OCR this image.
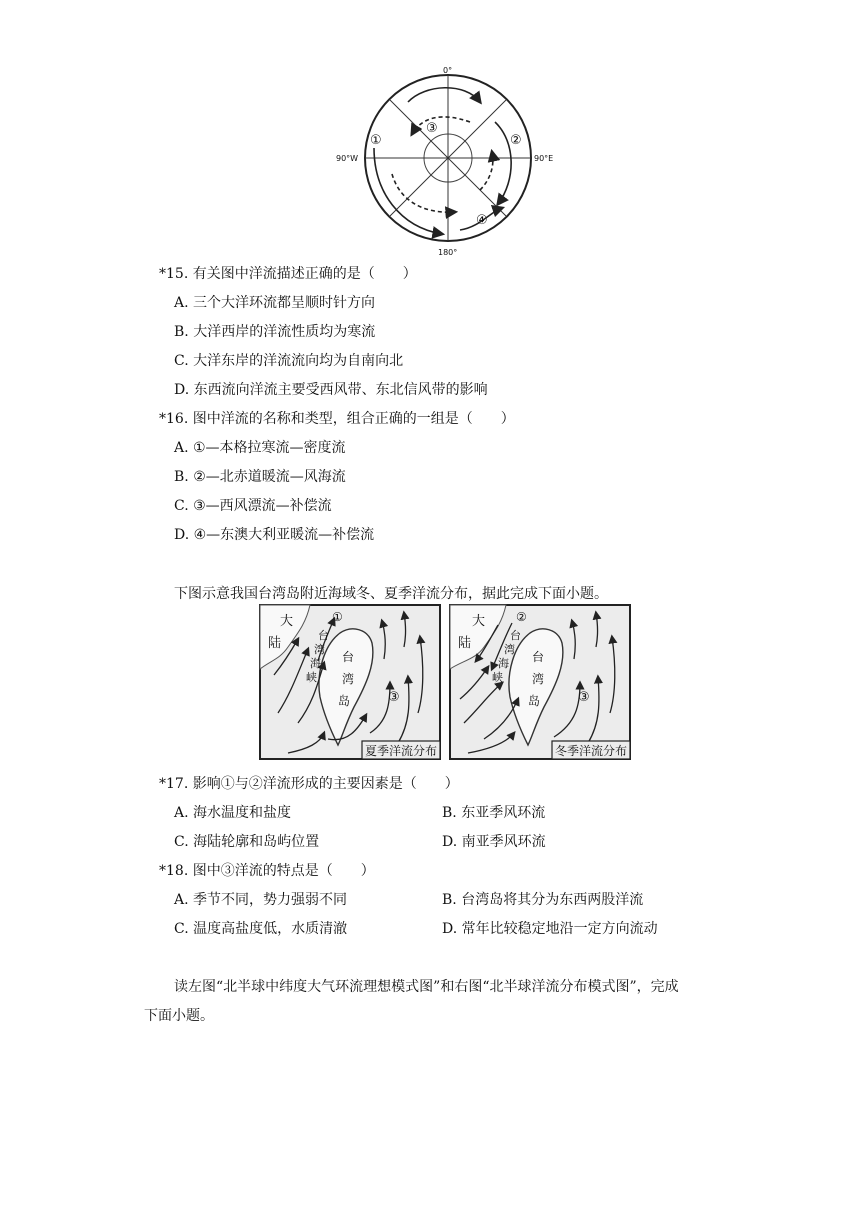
0°
90°W	90°E
180°
①	②
③
④
*15. 有关图中洋流描述正确的是（　　）
A. 三个大洋环流都呈顺时针方向
B. 大洋西岸的洋流性质均为寒流
C. 大洋东岸的洋流流向均为自南向北
D. 东西流向洋流主要受西风带、东北信风带的影响
*16. 图中洋流的名称和类型，组合正确的一组是（　　）
A. ①—本格拉寒流—密度流
B. ②—北赤道暖流—风海流
C. ③—西风漂流—补偿流
D. ④—东澳大利亚暖流—补偿流
下图示意我国台湾岛附近海域冬、夏季洋流分布，据此完成下面小题。
大
陆
①
台
湾
海
峡
台
湾
岛	③
夏季洋流分布
大
陆
②
台
湾
海
峡
台
湾
岛	③
冬季洋流分布
*17. 影响①与②洋流形成的主要因素是（　　）
A. 海水温度和盐度	B. 东亚季风环流
C. 海陆轮廓和岛屿位置	D. 南亚季风环流
*18. 图中③洋流的特点是（　　）
A. 季节不同，势力强弱不同	B. 台湾岛将其分为东西两股洋流
C. 温度高盐度低，水质清澈	D. 常年比较稳定地沿一定方向流动
读左图“北半球中纬度大气环流理想模式图”和右图“北半球洋流分布模式图”，完成
下面小题。
